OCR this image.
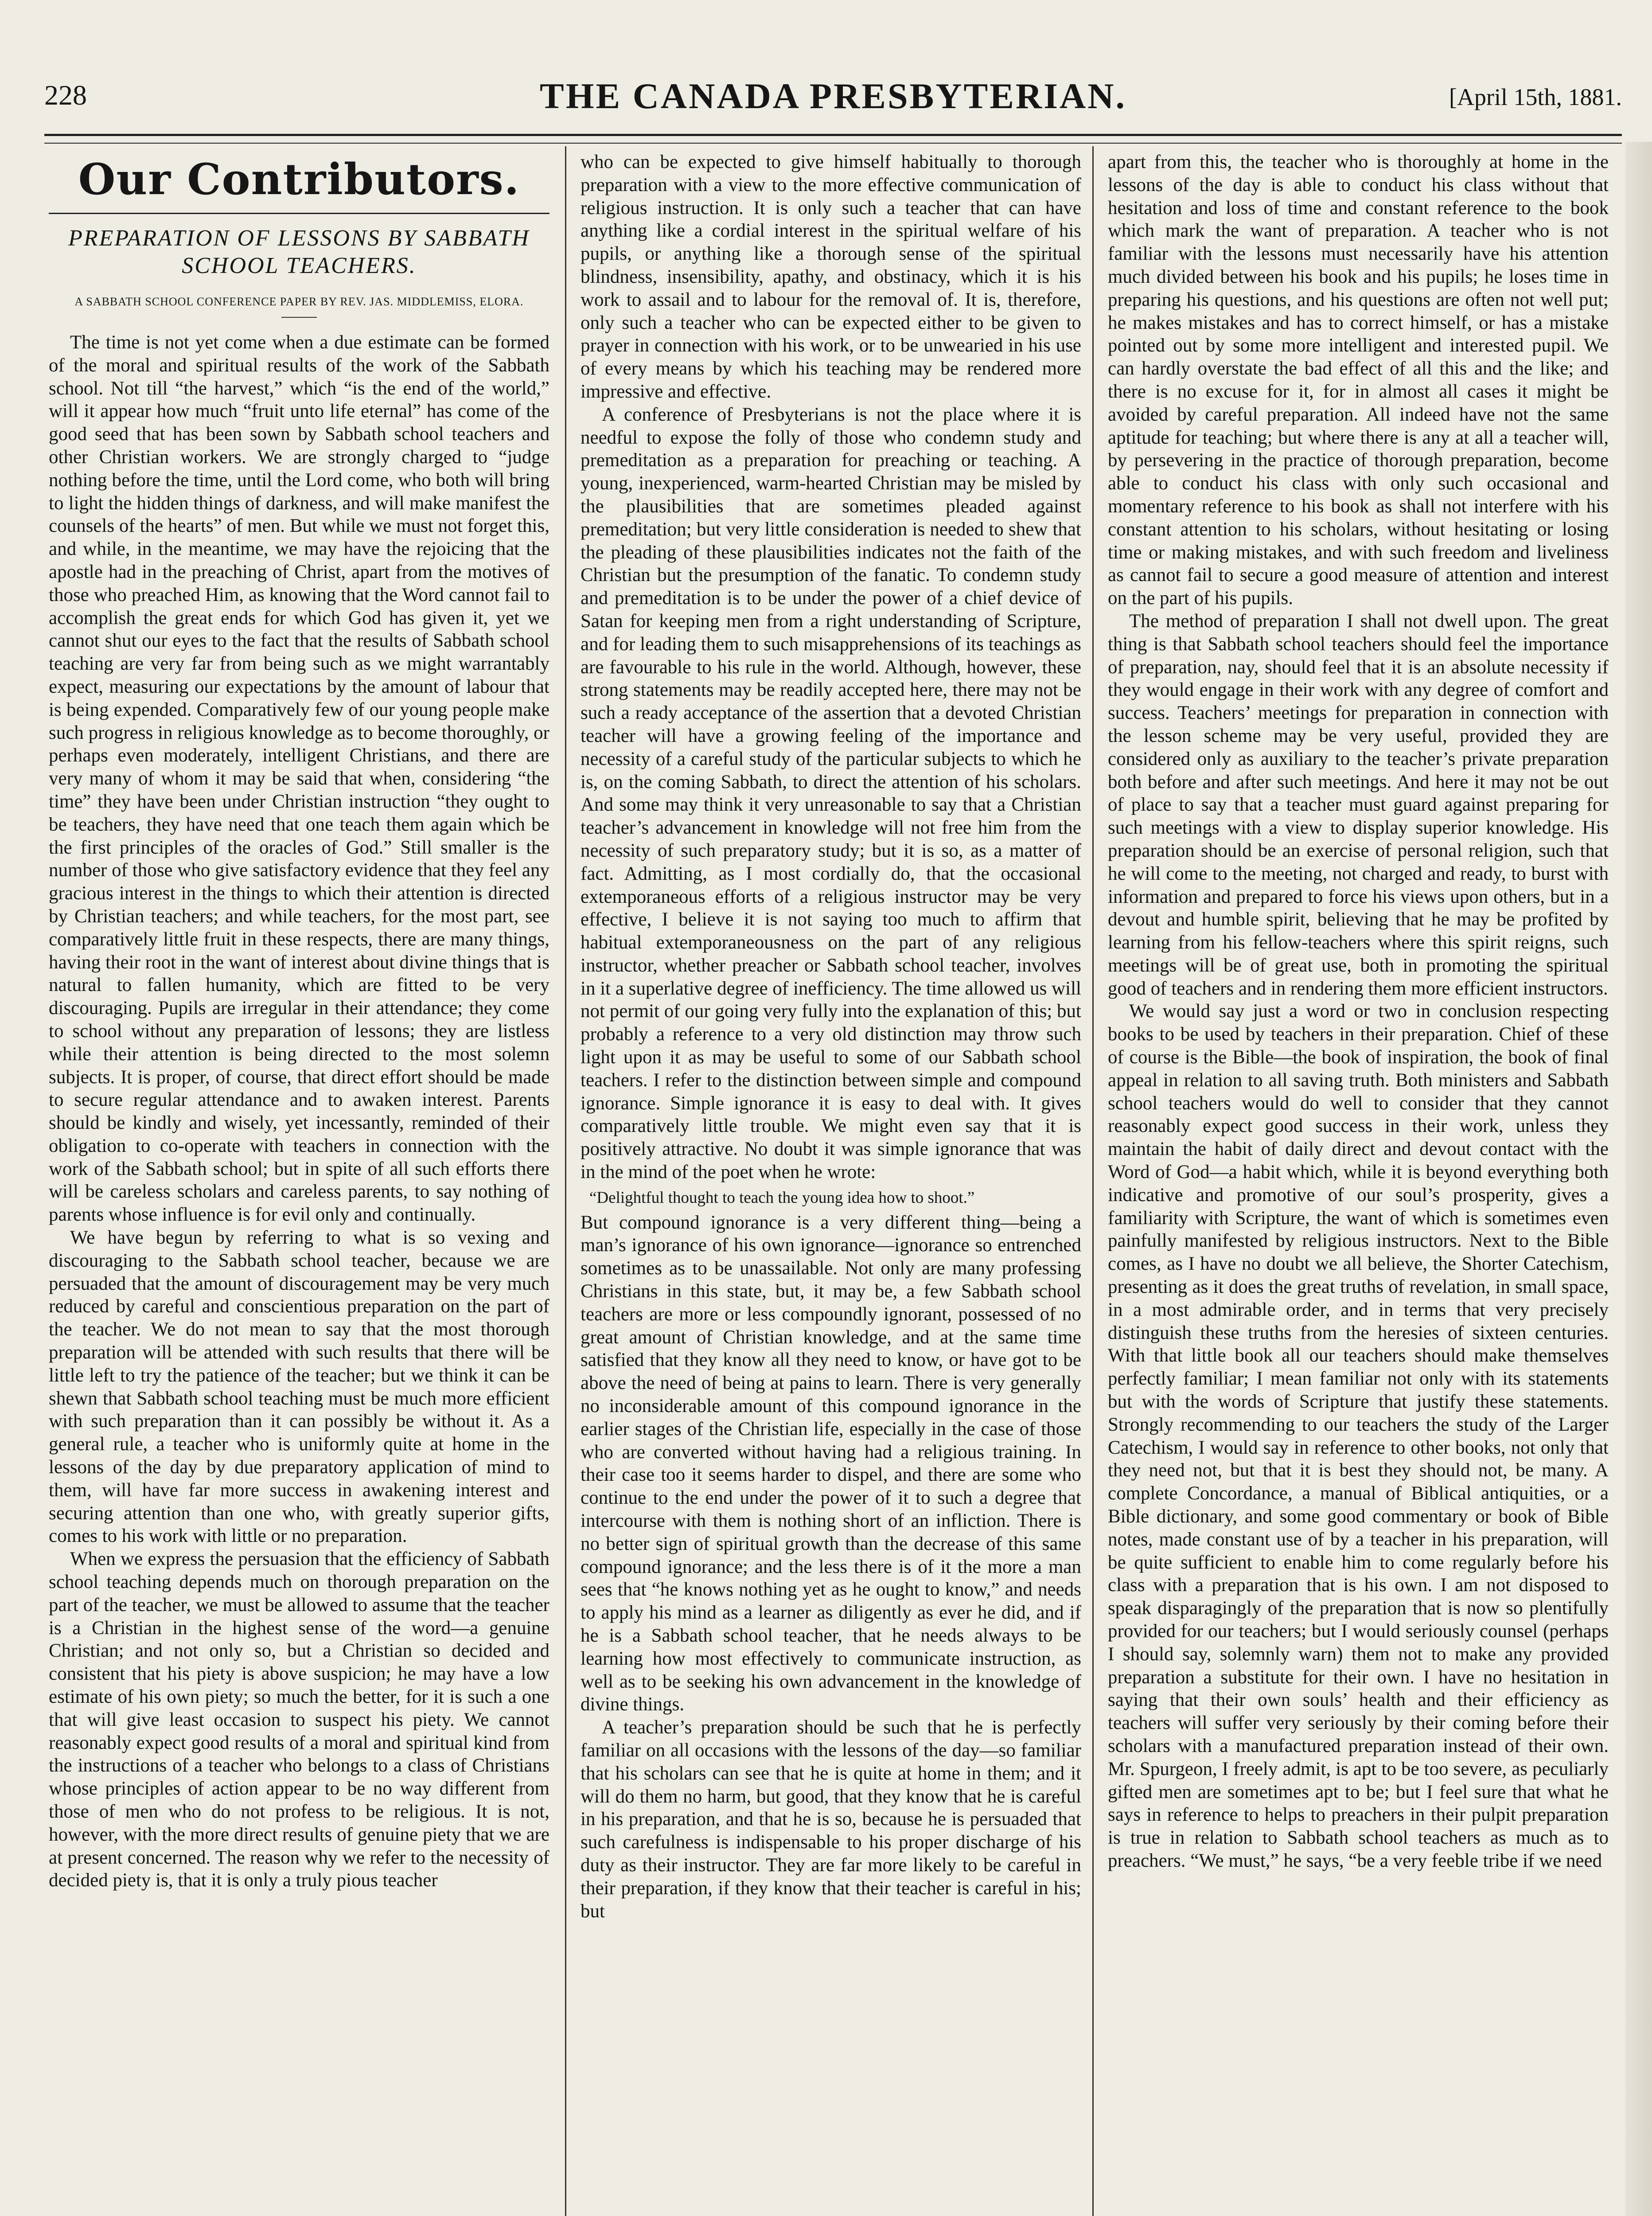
228	THE CANADA PRESBYTERIAN.	[April 15th, 1881.
Our Contributors.
PREPARATION OF LESSONS BY SABBATH SCHOOL TEACHERS.
A SABBATH SCHOOL CONFERENCE PAPER BY REV. JAS. MIDDLEMISS, ELORA.

The time is not yet come when a due estimate can be formed of the moral and spiritual results of the work of the Sabbath school. Not till “the harvest,” which “is the end of the world,” will it appear how much “fruit unto life eternal” has come of the good seed that has been sown by Sabbath school teachers and other Christian workers. We are strongly charged to “judge nothing before the time, until the Lord come, who both will bring to light the hidden things of darkness, and will make manifest the counsels of the hearts” of men. But while we must not forget this, and while, in the meantime, we may have the rejoicing that the apostle had in the preaching of Christ, apart from the motives of those who preached Him, as knowing that the Word cannot fail to accomplish the great ends for which God has given it, yet we cannot shut our eyes to the fact that the results of Sabbath school teaching are very far from being such as we might warrantably expect, measuring our expectations by the amount of labour that is being expended. Comparatively few of our young people make such progress in religious knowledge as to become thoroughly, or perhaps even moderately, intelligent Christians, and there are very many of whom it may be said that when, considering “the time” they have been under Christian instruction “they ought to be teachers, they have need that one teach them again which be the first principles of the oracles of God.” Still smaller is the number of those who give satisfactory evidence that they feel any gracious interest in the things to which their attention is directed by Christian teachers; and while teachers, for the most part, see comparatively little fruit in these respects, there are many things, having their root in the want of interest about divine things that is natural to fallen humanity, which are fitted to be very discouraging. Pupils are irregular in their attendance; they come to school without any preparation of lessons; they are listless while their attention is being directed to the most solemn subjects. It is proper, of course, that direct effort should be made to secure regular attendance and to awaken interest. Parents should be kindly and wisely, yet incessantly, reminded of their obligation to co-operate with teachers in connection with the work of the Sabbath school; but in spite of all such efforts there will be careless scholars and careless parents, to say nothing of parents whose influence is for evil only and continually.

We have begun by referring to what is so vexing and discouraging to the Sabbath school teacher, because we are persuaded that the amount of discouragement may be very much reduced by careful and conscientious preparation on the part of the teacher. We do not mean to say that the most thorough preparation will be attended with such results that there will be little left to try the patience of the teacher; but we think it can be shewn that Sabbath school teaching must be much more efficient with such preparation than it can possibly be without it. As a general rule, a teacher who is uniformly quite at home in the lessons of the day by due preparatory application of mind to them, will have far more success in awakening interest and securing attention than one who, with greatly superior gifts, comes to his work with little or no preparation.

When we express the persuasion that the efficiency of Sabbath school teaching depends much on thorough preparation on the part of the teacher, we must be allowed to assume that the teacher is a Christian in the highest sense of the word—a genuine Christian; and not only so, but a Christian so decided and consistent that his piety is above suspicion; he may have a low estimate of his own piety; so much the better, for it is such a one that will give least occasion to suspect his piety. We cannot reasonably expect good results of a moral and spiritual kind from the instructions of a teacher who belongs to a class of Christians whose principles of action appear to be no way different from those of men who do not profess to be religious. It is not, however, with the more direct results of genuine piety that we are at present concerned. The reason why we refer to the necessity of decided piety is, that it is only a truly pious teacher

who can be expected to give himself habitually to thorough preparation with a view to the more effective communication of religious instruction. It is only such a teacher that can have anything like a cordial interest in the spiritual welfare of his pupils, or anything like a thorough sense of the spiritual blindness, insensibility, apathy, and obstinacy, which it is his work to assail and to labour for the removal of. It is, therefore, only such a teacher who can be expected either to be given to prayer in connection with his work, or to be unwearied in his use of every means by which his teaching may be rendered more impressive and effective.

A conference of Presbyterians is not the place where it is needful to expose the folly of those who condemn study and premeditation as a preparation for preaching or teaching. A young, inexperienced, warm-hearted Christian may be misled by the plausibilities that are sometimes pleaded against premeditation; but very little consideration is needed to shew that the pleading of these plausibilities indicates not the faith of the Christian but the presumption of the fanatic. To condemn study and premeditation is to be under the power of a chief device of Satan for keeping men from a right understanding of Scripture, and for leading them to such misapprehensions of its teachings as are favourable to his rule in the world. Although, however, these strong statements may be readily accepted here, there may not be such a ready acceptance of the assertion that a devoted Christian teacher will have a growing feeling of the importance and necessity of a careful study of the particular subjects to which he is, on the coming Sabbath, to direct the attention of his scholars. And some may think it very unreasonable to say that a Christian teacher’s advancement in knowledge will not free him from the necessity of such preparatory study; but it is so, as a matter of fact. Admitting, as I most cordially do, that the occasional extemporaneous efforts of a religious instructor may be very effective, I believe it is not saying too much to affirm that habitual extemporaneousness on the part of any religious instructor, whether preacher or Sabbath school teacher, involves in it a superlative degree of inefficiency. The time allowed us will not permit of our going very fully into the explanation of this; but probably a reference to a very old distinction may throw such light upon it as may be useful to some of our Sabbath school teachers. I refer to the distinction between simple and compound ignorance. Simple ignorance it is easy to deal with. It gives comparatively little trouble. We might even say that it is positively attractive. No doubt it was simple ignorance that was in the mind of the poet when he wrote:

“Delightful thought to teach the young idea how to shoot.”

But compound ignorance is a very different thing—being a man’s ignorance of his own ignorance—ignorance so entrenched sometimes as to be unassailable. Not only are many professing Christians in this state, but, it may be, a few Sabbath school teachers are more or less compoundly ignorant, possessed of no great amount of Christian knowledge, and at the same time satisfied that they know all they need to know, or have got to be above the need of being at pains to learn. There is very generally no inconsiderable amount of this compound ignorance in the earlier stages of the Christian life, especially in the case of those who are converted without having had a religious training. In their case too it seems harder to dispel, and there are some who continue to the end under the power of it to such a degree that intercourse with them is nothing short of an infliction. There is no better sign of spiritual growth than the decrease of this same compound ignorance; and the less there is of it the more a man sees that “he knows nothing yet as he ought to know,” and needs to apply his mind as a learner as diligently as ever he did, and if he is a Sabbath school teacher, that he needs always to be learning how most effectively to communicate instruction, as well as to be seeking his own advancement in the knowledge of divine things.

A teacher’s preparation should be such that he is perfectly familiar on all occasions with the lessons of the day—so familiar that his scholars can see that he is quite at home in them; and it will do them no harm, but good, that they know that he is careful in his preparation, and that he is so, because he is persuaded that such carefulness is indispensable to his proper discharge of his duty as their instructor. They are far more likely to be careful in their preparation, if they know that their teacher is careful in his; but

apart from this, the teacher who is thoroughly at home in the lessons of the day is able to conduct his class without that hesitation and loss of time and constant reference to the book which mark the want of preparation. A teacher who is not familiar with the lessons must necessarily have his attention much divided between his book and his pupils; he loses time in preparing his questions, and his questions are often not well put; he makes mistakes and has to correct himself, or has a mistake pointed out by some more intelligent and interested pupil. We can hardly overstate the bad effect of all this and the like; and there is no excuse for it, for in almost all cases it might be avoided by careful preparation. All indeed have not the same aptitude for teaching; but where there is any at all a teacher will, by persevering in the practice of thorough preparation, become able to conduct his class with only such occasional and momentary reference to his book as shall not interfere with his constant attention to his scholars, without hesitating or losing time or making mistakes, and with such freedom and liveliness as cannot fail to secure a good measure of attention and interest on the part of his pupils.

The method of preparation I shall not dwell upon. The great thing is that Sabbath school teachers should feel the importance of preparation, nay, should feel that it is an absolute necessity if they would engage in their work with any degree of comfort and success. Teachers’ meetings for preparation in connection with the lesson scheme may be very useful, provided they are considered only as auxiliary to the teacher’s private preparation both before and after such meetings. And here it may not be out of place to say that a teacher must guard against preparing for such meetings with a view to display superior knowledge. His preparation should be an exercise of personal religion, such that he will come to the meeting, not charged and ready, to burst with information and prepared to force his views upon others, but in a devout and humble spirit, believing that he may be profited by learning from his fellow-teachers where this spirit reigns, such meetings will be of great use, both in promoting the spiritual good of teachers and in rendering them more efficient instructors.

We would say just a word or two in conclusion respecting books to be used by teachers in their preparation. Chief of these of course is the Bible—the book of inspiration, the book of final appeal in relation to all saving truth. Both ministers and Sabbath school teachers would do well to consider that they cannot reasonably expect good success in their work, unless they maintain the habit of daily direct and devout contact with the Word of God—a habit which, while it is beyond everything both indicative and promotive of our soul’s prosperity, gives a familiarity with Scripture, the want of which is sometimes even painfully manifested by religious instructors. Next to the Bible comes, as I have no doubt we all believe, the Shorter Catechism, presenting as it does the great truths of revelation, in small space, in a most admirable order, and in terms that very precisely distinguish these truths from the heresies of sixteen centuries. With that little book all our teachers should make themselves perfectly familiar; I mean familiar not only with its statements but with the words of Scripture that justify these statements. Strongly recommending to our teachers the study of the Larger Catechism, I would say in reference to other books, not only that they need not, but that it is best they should not, be many. A complete Concordance, a manual of Biblical antiquities, or a Bible dictionary, and some good commentary or book of Bible notes, made constant use of by a teacher in his preparation, will be quite sufficient to enable him to come regularly before his class with a preparation that is his own. I am not disposed to speak disparagingly of the preparation that is now so plentifully provided for our teachers; but I would seriously counsel (perhaps I should say, solemnly warn) them not to make any provided preparation a substitute for their own. I have no hesitation in saying that their own souls’ health and their efficiency as teachers will suffer very seriously by their coming before their scholars with a manufactured preparation instead of their own. Mr. Spurgeon, I freely admit, is apt to be too severe, as peculiarly gifted men are sometimes apt to be; but I feel sure that what he says in reference to helps to preachers in their pulpit preparation is true in relation to Sabbath school teachers as much as to preachers. “We must,” he says, “be a very feeble tribe if we need
